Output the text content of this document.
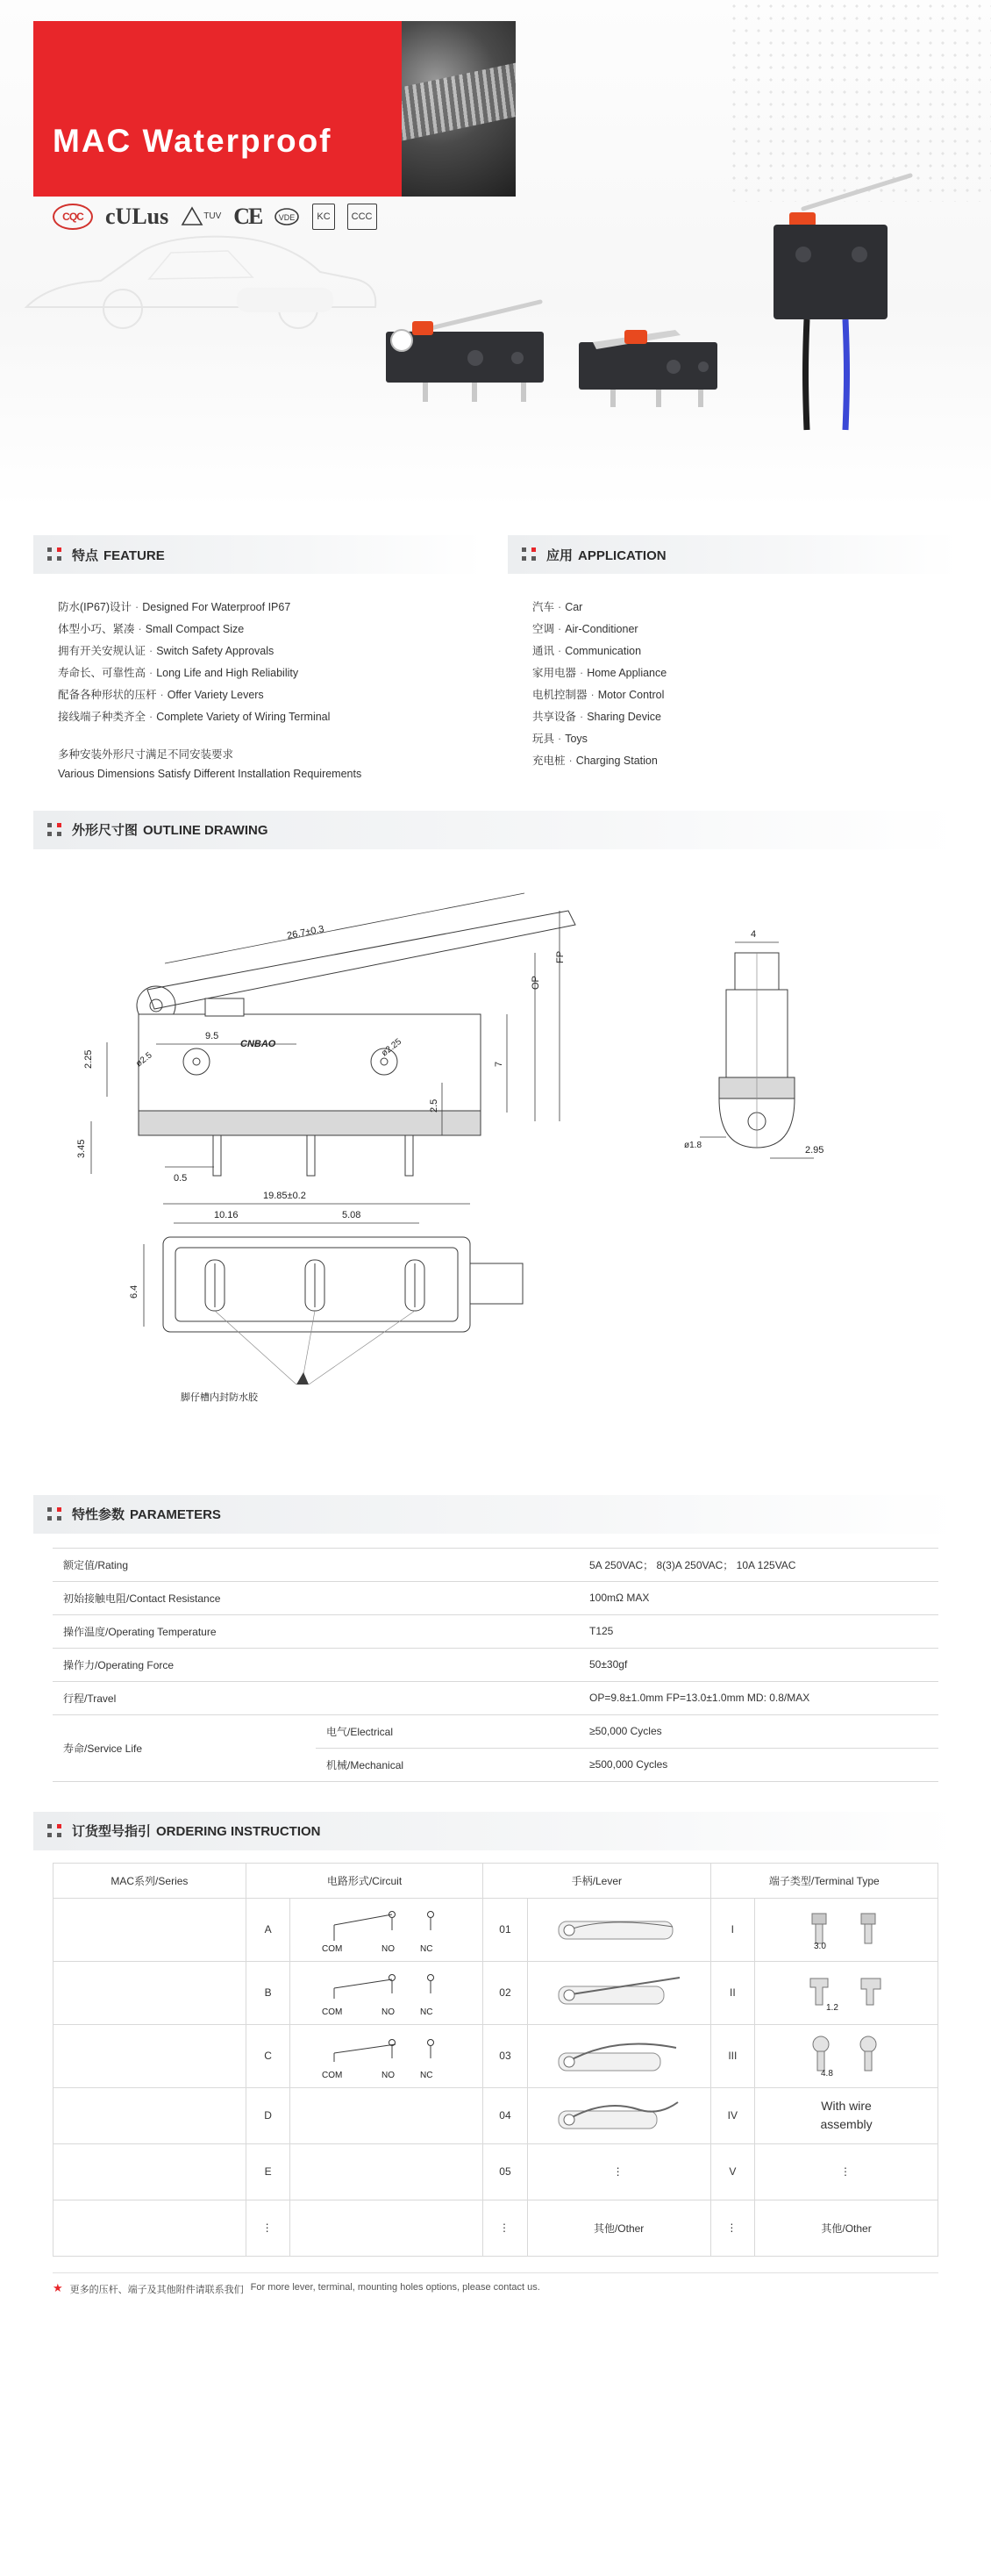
MAC Waterproof
CQC cULus	TUV CE VDE	KC	CCC
特点 FEATURE
防水(IP67)设计 · Designed For Waterproof IP67
体型小巧、紧凑 · Small Compact Size
拥有开关安规认证 · Switch Safety Approvals
寿命长、可靠性高 · Long Life and High Reliability
配备各种形状的压杆 · Offer Variety Levers
接线端子种类齐全 · Complete Variety of Wiring Terminal
多种安装外形尺寸满足不同安装要求
Various Dimensions Satisfy Different Installation Requirements
应用 APPLICATION
汽车 · Car
空调 · Air-Conditioner
通讯 · Communication
家用电器 · Home Appliance
电机控制器 · Motor Control
共享设备 · Sharing Device
玩具 · Toys
充电桩 · Charging Station
外形尺寸图 OUTLINE DRAWING
CNBAO
26.7±0.3
FP
OP
9.5
ø2.5
ø2.25
2.25	7
2.5
3.45
0.5
4
ø1.8	2.95
脚仔槽内封防水胶
19.85±0.2
10.16	5.08
6.4
特性参数 PARAMETERS
额定值/Rating		5A 250VAC； 8(3)A 250VAC； 10A 125VAC
初始接触电阻/Contact Resistance		100mΩ MAX
操作温度/Operating Temperature		T125
操作力/Operating Force		50±30gf
行程/Travel		OP=9.8±1.0mm FP=13.0±1.0mm MD: 0.8/MAX
寿命/Service Life	电气/Electrical	≥50,000 Cycles
	机械/Mechanical	≥500,000 Cycles
订货型号指引 ORDERING INSTRUCTION
MAC系列/Series	电路形式/Circuit		手柄/Lever		端子类型/Terminal Type	
	A	COM NO NC	01		I	3.0

	B	COM NO NC	02		II	1.2

	C	COM NO NC	03		III	4.8

	D		04		IV	With wire
assembly

	E		05	⋮	V	⋮
	⋮		⋮	其他/Other	⋮	其他/Other
★ 更多的压杆、端子及其他附件请联系我们 For more lever, terminal, mounting holes options, please contact us.
